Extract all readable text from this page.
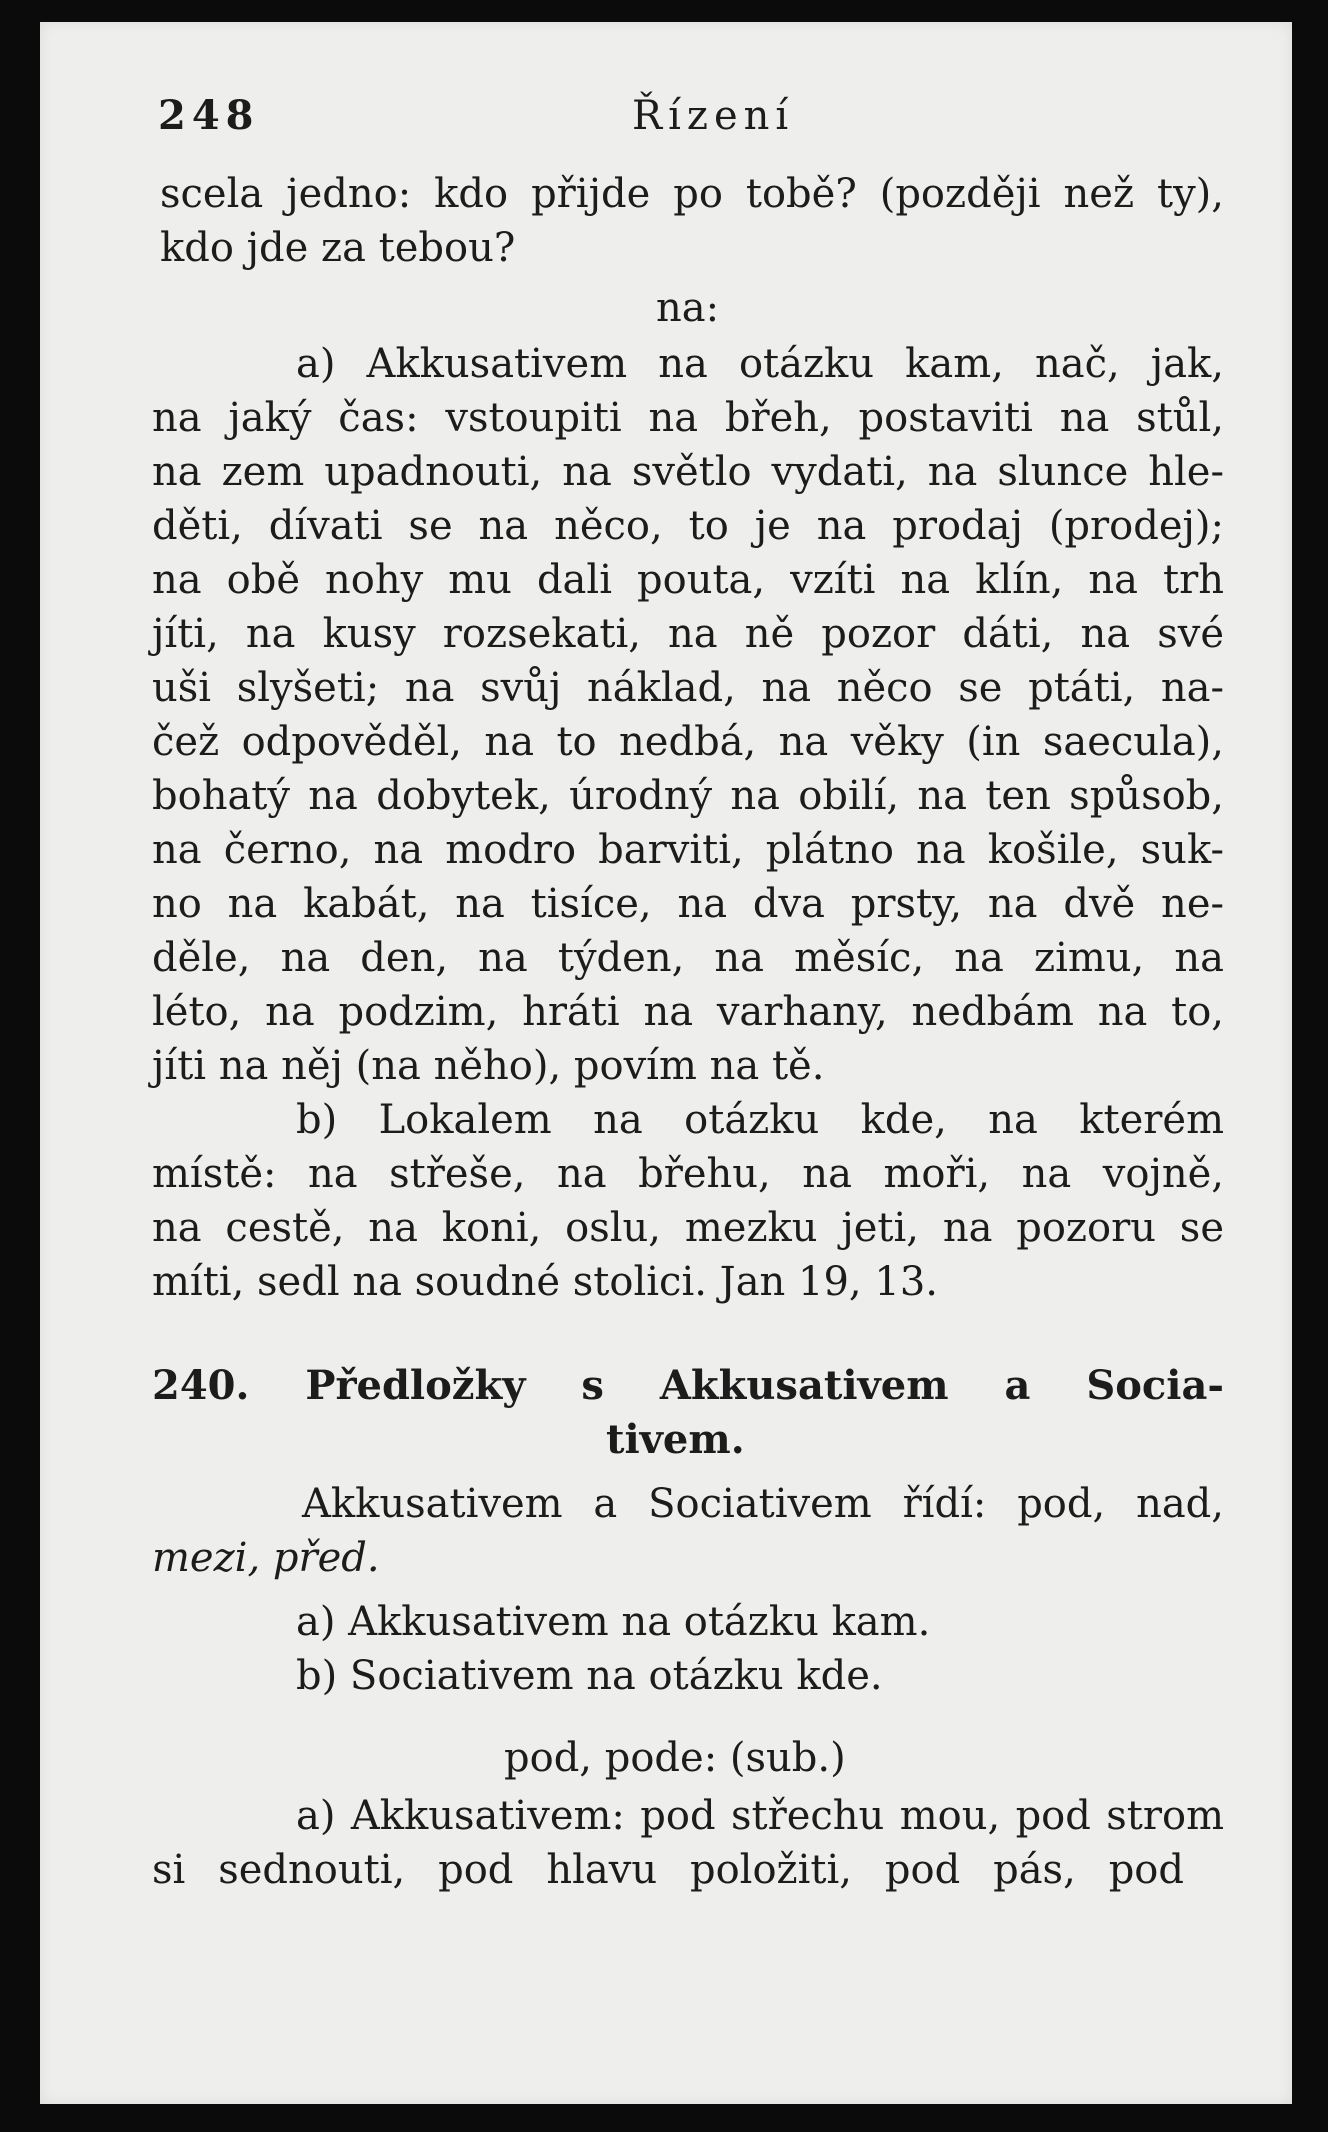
248	Řízení
scela jedno: kdo přijde po tobě? (později než ty),
kdo jde za tebou?
na:
a) Akkusativem na otázku kam, nač, jak,
na jaký čas: vstoupiti na břeh, postaviti na stůl,
na zem upadnouti, na světlo vydati, na slunce hle-
děti, dívati se na něco, to je na prodaj (prodej);
na obě nohy mu dali pouta, vzíti na klín, na trh
jíti, na kusy rozsekati, na ně pozor dáti, na své
uši slyšeti; na svůj náklad, na něco se ptáti, na-
čež odpověděl, na to nedbá, na věky (in saecula),
bohatý na dobytek, úrodný na obilí, na ten spůsob,
na černo, na modro barviti, plátno na košile, suk-
no na kabát, na tisíce, na dva prsty, na dvě ne-
děle, na den, na týden, na měsíc, na zimu, na
léto, na podzim, hráti na varhany, nedbám na to,
jíti na něj (na něho), povím na tě.
b) Lokalem na otázku kde, na kterém
místě: na střeše, na břehu, na moři, na vojně,
na cestě, na koni, oslu, mezku jeti, na pozoru se
míti, sedl na soudné stolici. Jan 19, 13.
240. Předložky s Akkusativem a Socia-
tivem.
Akkusativem a Sociativem řídí: pod, nad,
mezi, před.
a) Akkusativem na otázku kam.
b) Sociativem na otázku kde.
pod, pode: (sub.)
a) Akkusativem: pod střechu mou, pod strom
si sednouti, pod hlavu položiti, pod pás, pod
